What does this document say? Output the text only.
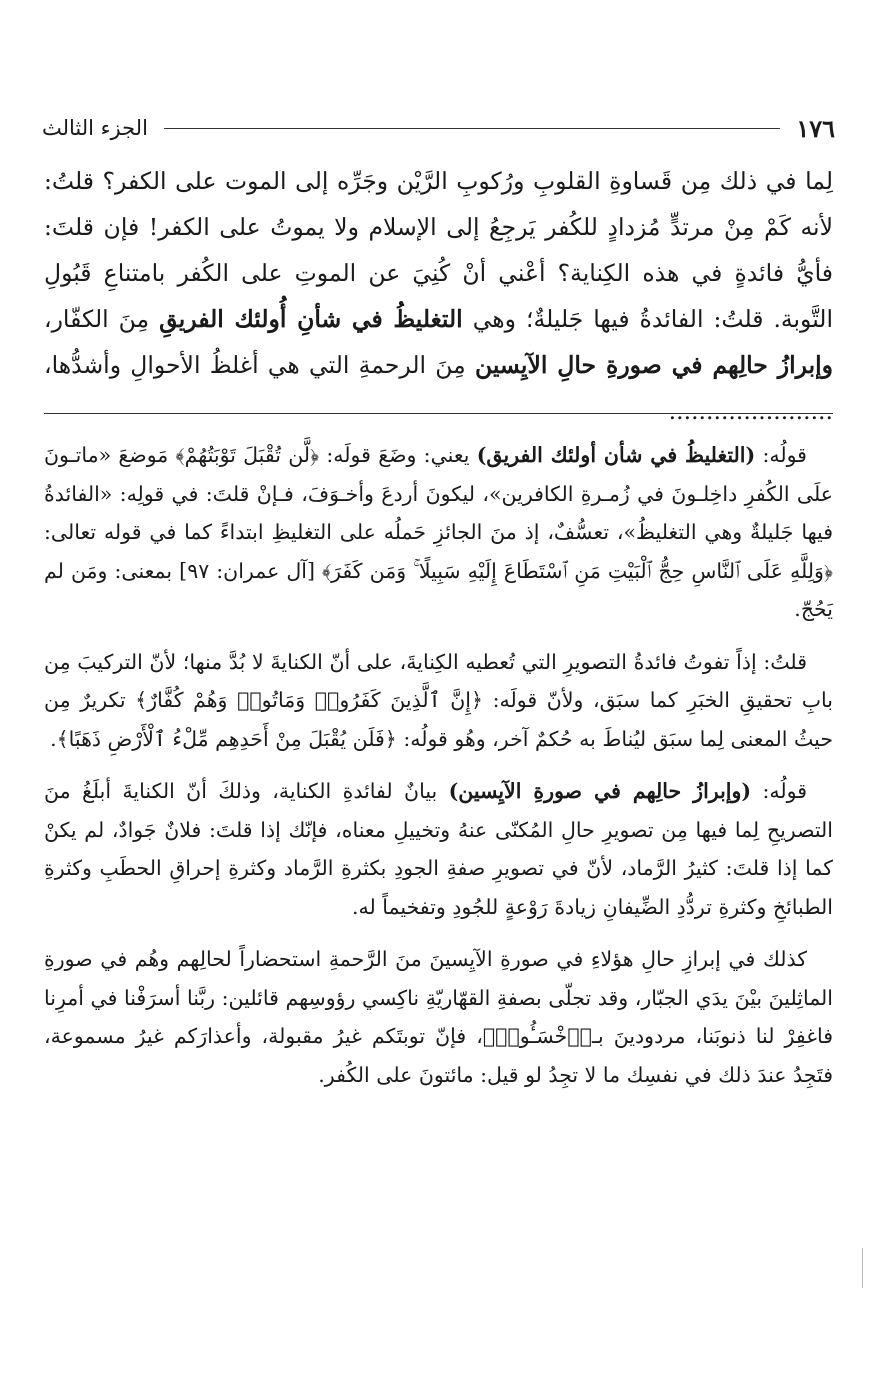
١٧٦
الجزء الثالث

لِما في ذلك مِن قَساوةِ القلوبِ ورُكوبِ الرَّيْن وجَرِّه إلى الموت على الكفر؟ قلتُ: لأنه كَمْ مِنْ مرتدٍّ مُزدادٍ للكُفر يَرجِعُ إلى الإسلام ولا يموتُ على الكفر! فإن قلتَ: فأيُّ فائدةٍ في هذه الكِناية؟ أعْني أنْ كُنِيَ عن الموتِ على الكُفر بامتناعِ قَبُولِ التَّوبة. قلتُ: الفائدةُ فيها جَليلةٌ؛ وهي التغليظُ في شأنِ أُولئك الفريقِ مِنَ الكفّار، وإبرازُ حالِهم في صورةِ حالِ الآيِسين مِنَ الرحمةِ التي هي أغلظُ الأحوالِ وأشدُّها، ......................

قولُه: (التغليظُ في شأن أولئك الفريق) يعني: وضَعَ قولَه: ﴿لَّن تُقْبَلَ تَوْبَتُهُمْ﴾ مَوضعَ «ماتـونَ علَى الكُفرِ داخِلـونَ في زُمـرةِ الكافرين»، ليكونَ أردعَ وأخـوَفَ، فـإنْ قلتَ: في قولِه: «الفائدةُ فيها جَليلةٌ وهي التغليظُ»، تعسُّفٌ، إذ منَ الجائزِ حَملُه على التغليظِ ابتداءً كما في قوله تعالى: ﴿وَلِلَّهِ عَلَى ٱلنَّاسِ حِجُّ ٱلْبَيْتِ مَنِ ٱسْتَطَاعَ إِلَيْهِ سَبِيلًا ۚ وَمَن كَفَرَ﴾ [آل عمران: ٩٧] بمعنى: ومَن لم يَحُجّ.

قلتُ: إذاً تفوتُ فائدةُ التصويرِ التي تُعطيه الكِنايةَ، على أنّ الكنايةَ لا بُدَّ منها؛ لأنّ التركيبَ مِن بابِ تحقيقِ الخبَرِ كما سبَق، ولأنّ قولَه: ﴿إِنَّ ٱلَّذِينَ كَفَرُوا۟ وَمَاتُوا۟ وَهُمْ كُفَّارٌ﴾ تكريرٌ مِن حيثُ المعنى لِما سبَق ليُناطَ به حُكمٌ آخر، وهُو قولُه: ﴿فَلَن يُقْبَلَ مِنْ أَحَدِهِم مِّلْءُ ٱلْأَرْضِ ذَهَبًا﴾.

قولُه: (وإبرازُ حالِهم في صورةِ الآيِسين) بيانٌ لفائدةِ الكناية، وذلكَ أنّ الكنايةَ أبلَغُ منَ التصريحِ لِما فيها مِن تصويرِ حالِ المُكنّى عنهُ وتخييلِ معناه، فإنّك إذا قلتَ: فلانٌ جَوادٌ، لم يكنْ كما إذا قلتَ: كثيرُ الرَّماد، لأنّ في تصويرِ صفةِ الجودِ بكثرةِ الرَّماد وكثرةِ إحراقِ الحطَبِ وكثرةِ الطبائخِ وكثرةِ تردُّدِ الضِّيفانِ زيادةَ رَوْعةٍ للجُودِ وتفخيماً له.

كذلك في إبرازِ حالِ هؤلاءِ في صورةِ الآيِسينَ منَ الرَّحمةِ استحضاراً لحالِهم وهُم في صورةِ الماثِلينَ بيْنَ يدَي الجبّار، وقد تجلّى بصفةِ القهّاريّةِ ناكِسي رؤوسِهم قائلين: ربَّنا أسرَفْنا في أمرِنا فاغفِرْ لنا ذنوبَنا، مردودينَ بـ﴿ٱخْسَـُٔوا۟﴾، فإنّ توبتَكم غيرُ مقبولة، وأعذارَكم غيرُ مسموعة، فتَجِدُ عندَ ذلك في نفسِك ما لا تجِدُ لو قيل: مائتونَ على الكُفر.
